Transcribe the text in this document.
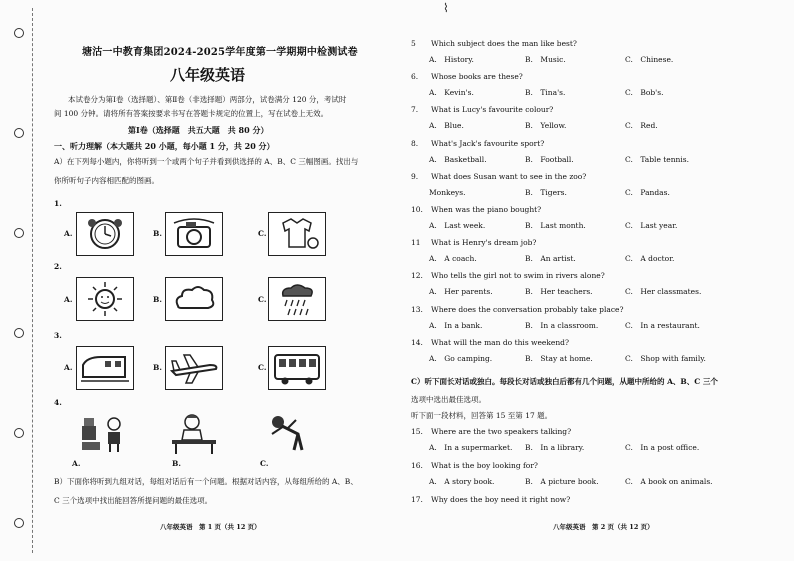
塘沽一中教育集团2024-2025学年度第一学期期中检测试卷
八年级英语
本试卷分为第Ⅰ卷（选择题）、第Ⅱ卷（非选择题）两部分，试卷满分 120 分，考试时
间 100 分钟。请将所有答案按要求书写在答题卡规定的位置上，写在试卷上无效。
第Ⅰ卷（选择题　共五大题　共 80 分）
一、听力理解（本大题共 20 小题，每小题 1 分，共 20 分）
A）在下列每小题内，你将听到一个或两个句子并看到供选择的 A、B、C 三幅图画。找出与
你所听句子内容相匹配的图画。
1.
A.	B.	C.
2.
A.	B.	C.
3.
A.	B.	C.
4.
A.	B.	C.
B）下面你将听到九组对话，每组对话后有一个问题。根据对话内容，从每组所给的 A、B、
C 三个选项中找出能回答所提问题的最佳选项。
八年级英语　第 1 页（共 12 页）
⌇
5 Which subject does the man like best?
A.　History.	B.　Music.	C.　Chinese.
6. Whose books are these?
A.　Kevin's.	B.　Tina's.	C.　Bob's.
7. What is Lucy's favourite colour?
A.　Blue.	B.　Yellow.	C.　Red.
8. What's Jack's favourite sport?
A.　Basketball.	B.　Football.	C.　Table tennis.
9. What does Susan want to see in the zoo?
Monkeys.	B.　Tigers.	C.　Pandas.
10. When was the piano bought?
A.　Last week.	B.　Last month.	C.　Last year.
11 What is Henry's dream job?
A.　A coach.	B.　An artist.	C.　A doctor.
12. Who tells the girl not to swim in rivers alone?
A.　Her parents.	B.　Her teachers.	C.　Her classmates.
13. Where does the conversation probably take place?
A.　In a bank.	B.　In a classroom.	C.　In a restaurant.
14. What will the man do this weekend?
A.　Go camping.	B.　Stay at home.	C.　Shop with family.
C）听下面长对话或独白。每段长对话或独白后都有几个问题，从题中所给的 A、B、C 三个
选项中选出最佳选项。
听下面一段材料，回答第 15 至第 17 题。
15. Where are the two speakers talking?
A.　In a supermarket. B.　In a library.	C.　In a post office.
16. What is the boy looking for?
A.　A story book.	B.　A picture book.	C.　A book on animals.
17. Why does the boy need it right now?
八年级英语　第 2 页（共 12 页）
